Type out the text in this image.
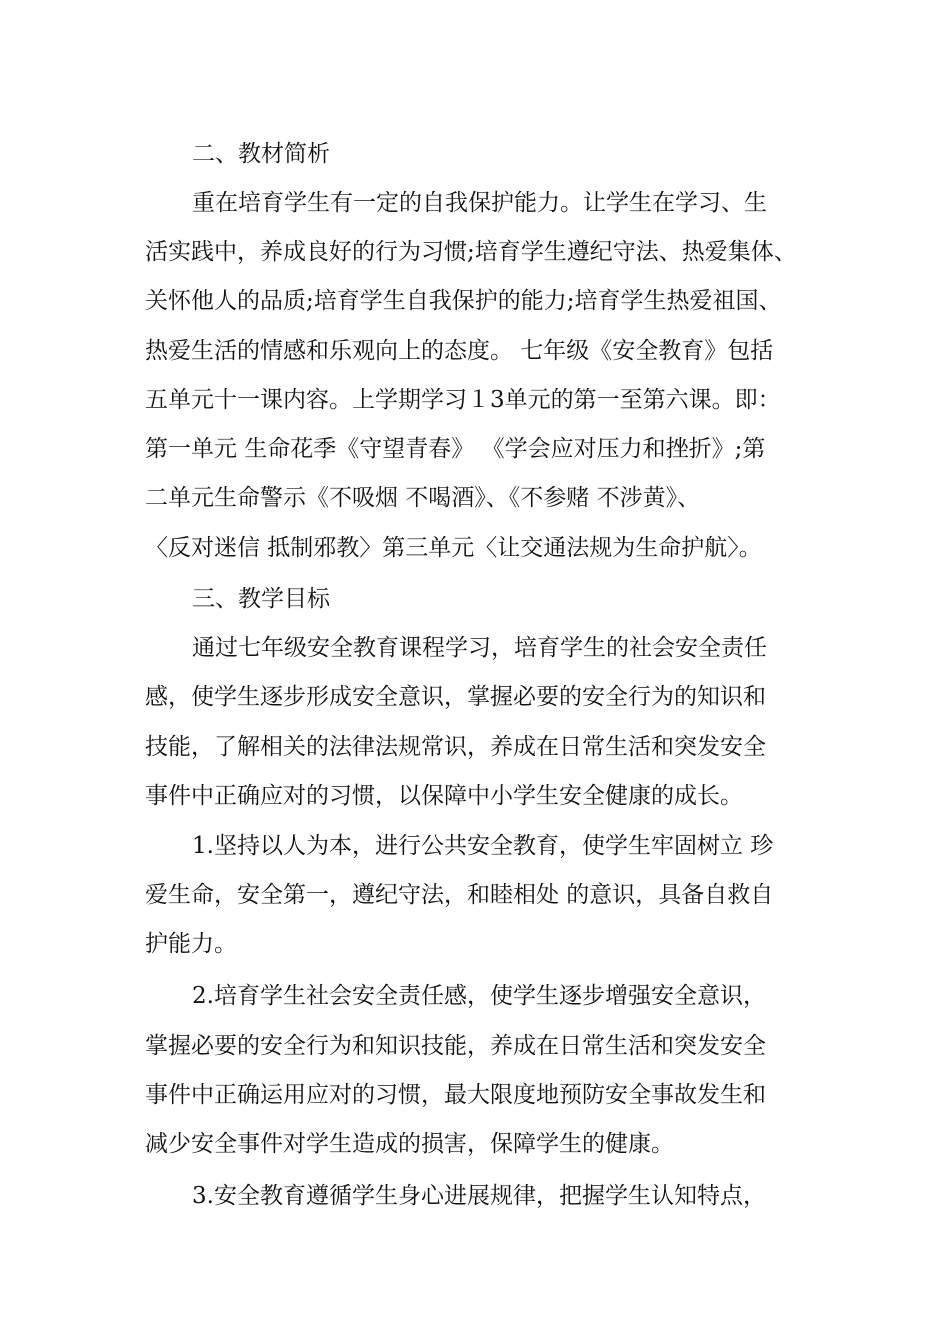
二、教材简析
重在培育学生有一定的自我保护能力。让学生在学习、生
活实践中，养成良好的行为习惯;培育学生遵纪守法、热爱集体、
关怀他人的品质;培育学生自我保护的能力;培育学生热爱祖国、
热爱生活的情感和乐观向上的态度。 七年级《安全教育》包括
五单元十一课内容。上学期学习１3单元的第一至第六课。即：
第一单元 生命花季《守望青春》 《学会应对压力和挫折》;第
二单元生命警示《不吸烟 不喝酒》、《不参赌 不涉黄》、
〈反对迷信 抵制邪教〉第三单元〈让交通法规为生命护航〉。
三、教学目标
通过七年级安全教育课程学习，培育学生的社会安全责任
感，使学生逐步形成安全意识，掌握必要的安全行为的知识和
技能，了解相关的法律法规常识，养成在日常生活和突发安全
事件中正确应对的习惯，以保障中小学生安全健康的成长。
1.坚持以人为本，进行公共安全教育，使学生牢固树立 珍
爱生命，安全第一，遵纪守法，和睦相处 的意识，具备自救自
护能力。
2.培育学生社会安全责任感，使学生逐步增强安全意识，
掌握必要的安全行为和知识技能，养成在日常生活和突发安全
事件中正确运用应对的习惯，最大限度地预防安全事故发生和
减少安全事件对学生造成的损害，保障学生的健康。
3.安全教育遵循学生身心进展规律，把握学生认知特点，
